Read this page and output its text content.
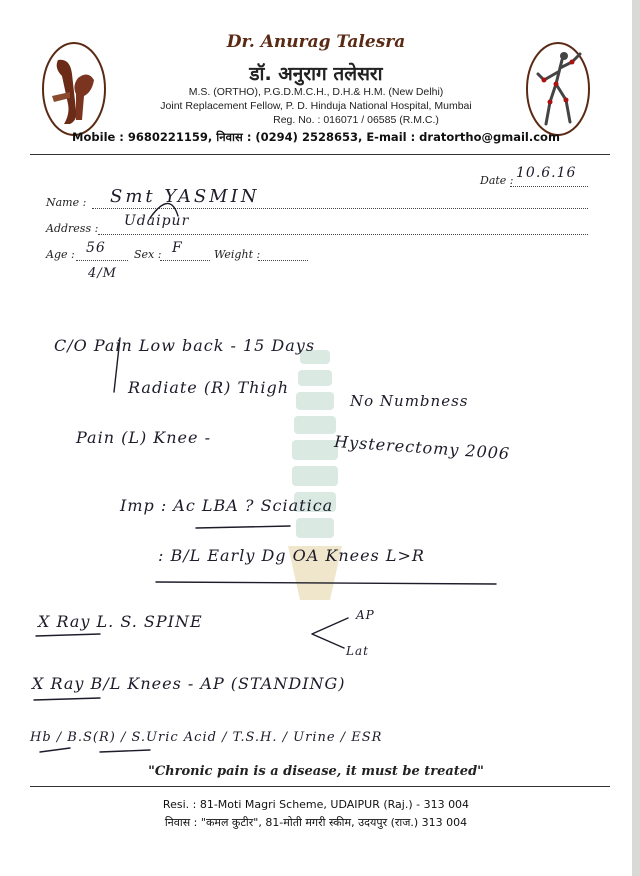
Dr. Anurag Talesra
डॉ. अनुराग तलेसरा
M.S. (ORTHO), P.G.D.M.C.H., D.H.& H.M. (New Delhi)
Joint Replacement Fellow, P. D. Hinduja National Hospital, Mumbai
Reg. No. : 016071 / 06585 (R.M.C.)
Mobile : 9680221159, निवास : (0294) 2528653, E-mail : dratortho@gmail.com
Date : 10.6.16
Name : Smt YASMIN
Address : Udaipur
Age : 56	Sex : F	Weight :
4/M
C/O Pain Low back - 15 Days
Radiate (R) Thigh
No Numbness
Pain (L) Knee -	Hysterectomy 2006
Imp : Ac LBA ? Sciatica
: B/L Early Dg OA Knees L>R
X Ray L. S. SPINE	AP
Lat
X Ray B/L Knees - AP (STANDING)
Hb / B.S(R) / S.Uric Acid / T.S.H. / Urine / ESR
"Chronic pain is a disease, it must be treated"
Resi. : 81-Moti Magri Scheme, UDAIPUR (Raj.) - 313 004
निवास : "कमल कुटीर", 81-मोती मगरी स्कीम, उदयपुर (राज.) 313 004
